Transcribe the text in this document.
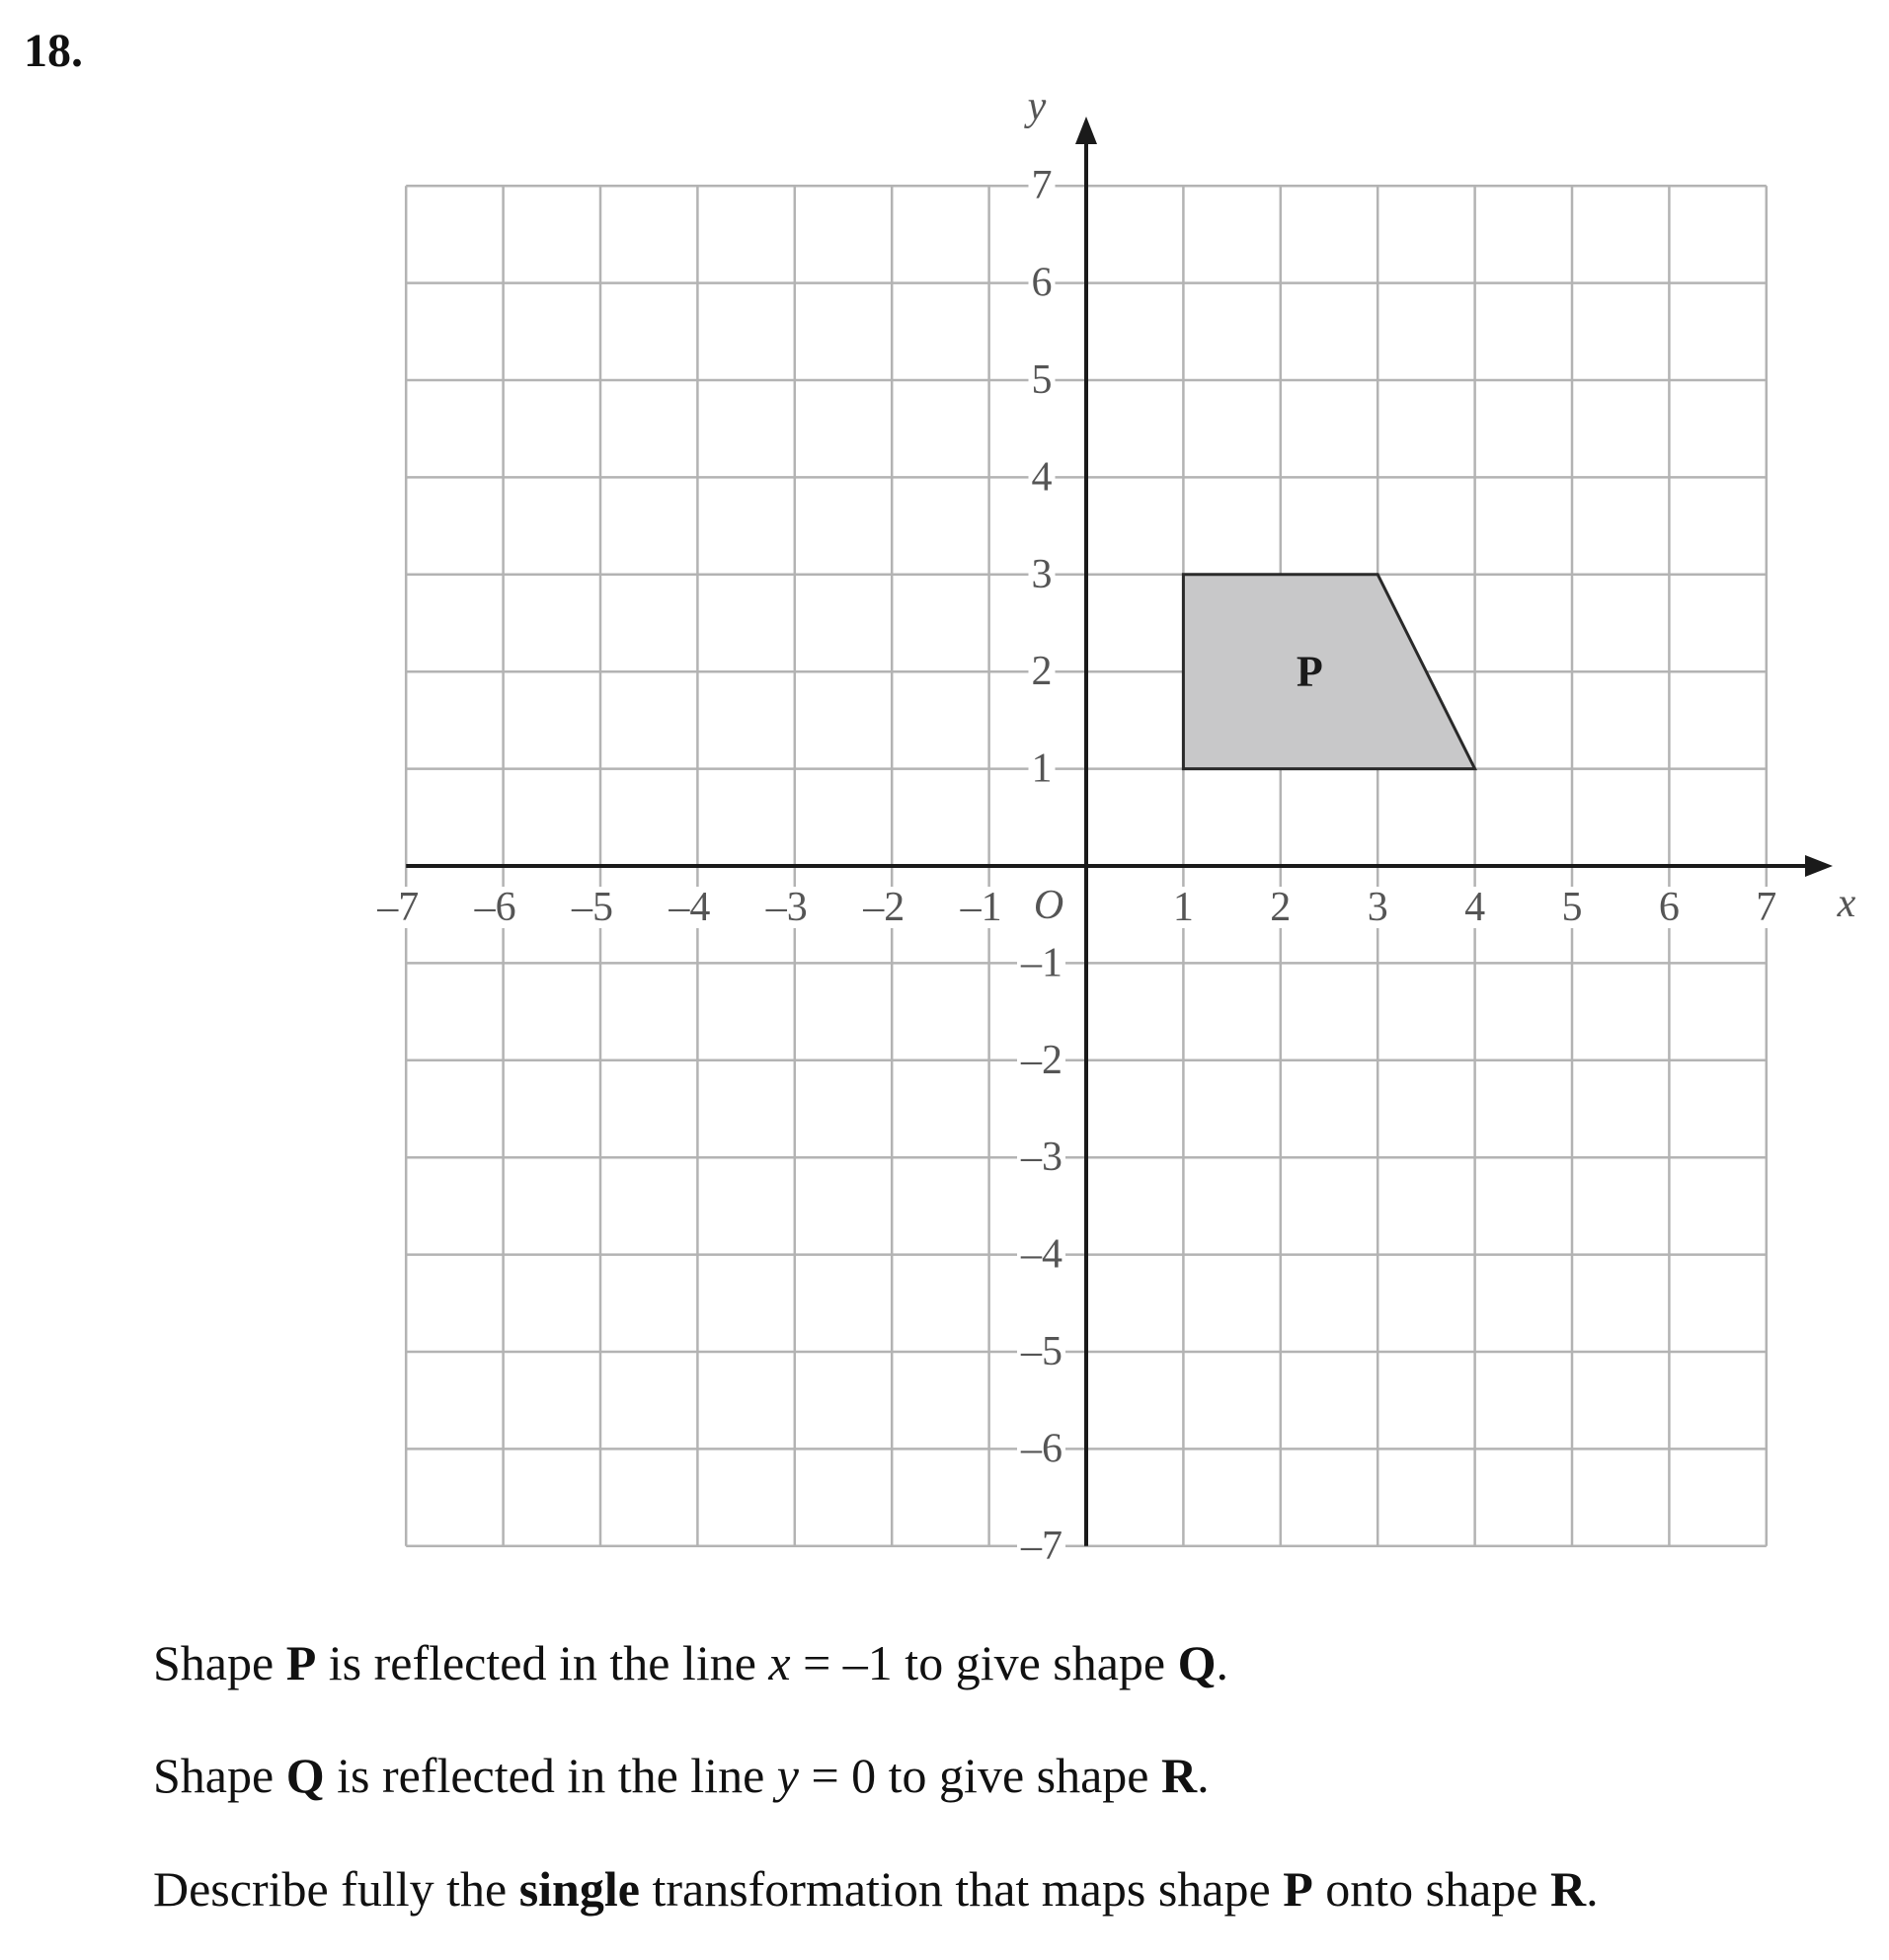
18.
P
–7 –6 –5 –4 –3 –2 –1	1 2 3 4 5 6 7
7
6
5
4
3
2
1
–1
–2
–3
–4
–5
–6
–7
O	x
y
Shape P is reflected in the line x = –1 to give shape Q.
Shape Q is reflected in the line y = 0 to give shape R.
Describe fully the single transformation that maps shape P onto shape R.
